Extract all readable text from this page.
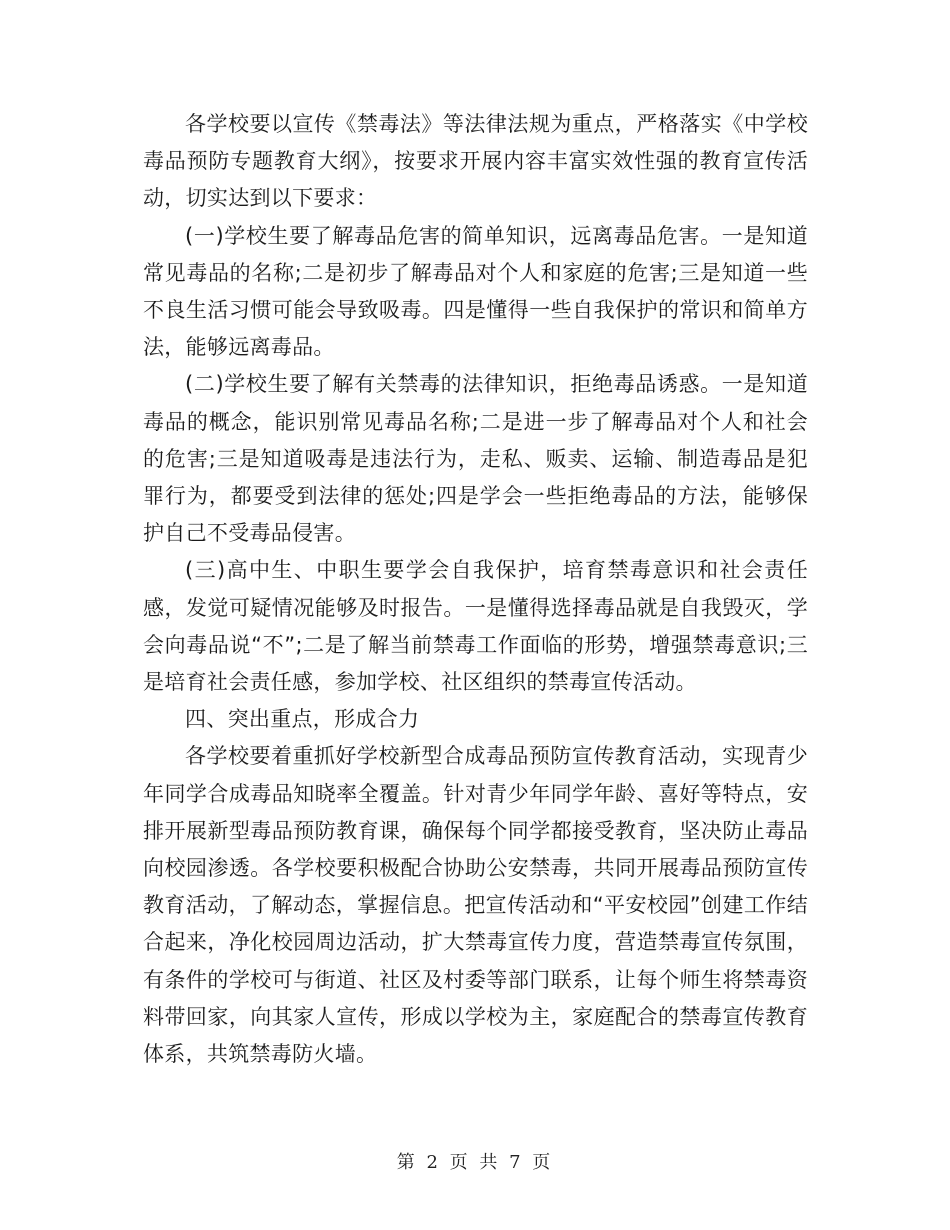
各学校要以宣传《禁毒法》等法律法规为重点，严格落实《中学校毒品预防专题教育大纲》，按要求开展内容丰富实效性强的教育宣传活动，切实达到以下要求：

(一)学校生要了解毒品危害的简单知识，远离毒品危害。一是知道常见毒品的名称;二是初步了解毒品对个人和家庭的危害;三是知道一些不良生活习惯可能会导致吸毒。四是懂得一些自我保护的常识和简单方法，能够远离毒品。

(二)学校生要了解有关禁毒的法律知识，拒绝毒品诱惑。一是知道毒品的概念，能识别常见毒品名称;二是进一步了解毒品对个人和社会的危害;三是知道吸毒是违法行为，走私、贩卖、运输、制造毒品是犯罪行为，都要受到法律的惩处;四是学会一些拒绝毒品的方法，能够保护自己不受毒品侵害。

(三)高中生、中职生要学会自我保护，培育禁毒意识和社会责任感，发觉可疑情况能够及时报告。一是懂得选择毒品就是自我毁灭，学会向毒品说“不”;二是了解当前禁毒工作面临的形势，增强禁毒意识;三是培育社会责任感，参加学校、社区组织的禁毒宣传活动。

四、突出重点，形成合力

各学校要着重抓好学校新型合成毒品预防宣传教育活动，实现青少年同学合成毒品知晓率全覆盖。针对青少年同学年龄、喜好等特点，安排开展新型毒品预防教育课，确保每个同学都接受教育，坚决防止毒品向校园渗透。各学校要积极配合协助公安禁毒，共同开展毒品预防宣传教育活动，了解动态，掌握信息。把宣传活动和“平安校园”创建工作结合起来，净化校园周边活动，扩大禁毒宣传力度，营造禁毒宣传氛围，有条件的学校可与街道、社区及村委等部门联系，让每个师生将禁毒资料带回家，向其家人宣传，形成以学校为主，家庭配合的禁毒宣传教育体系，共筑禁毒防火墙。

第 2 页 共 7 页
